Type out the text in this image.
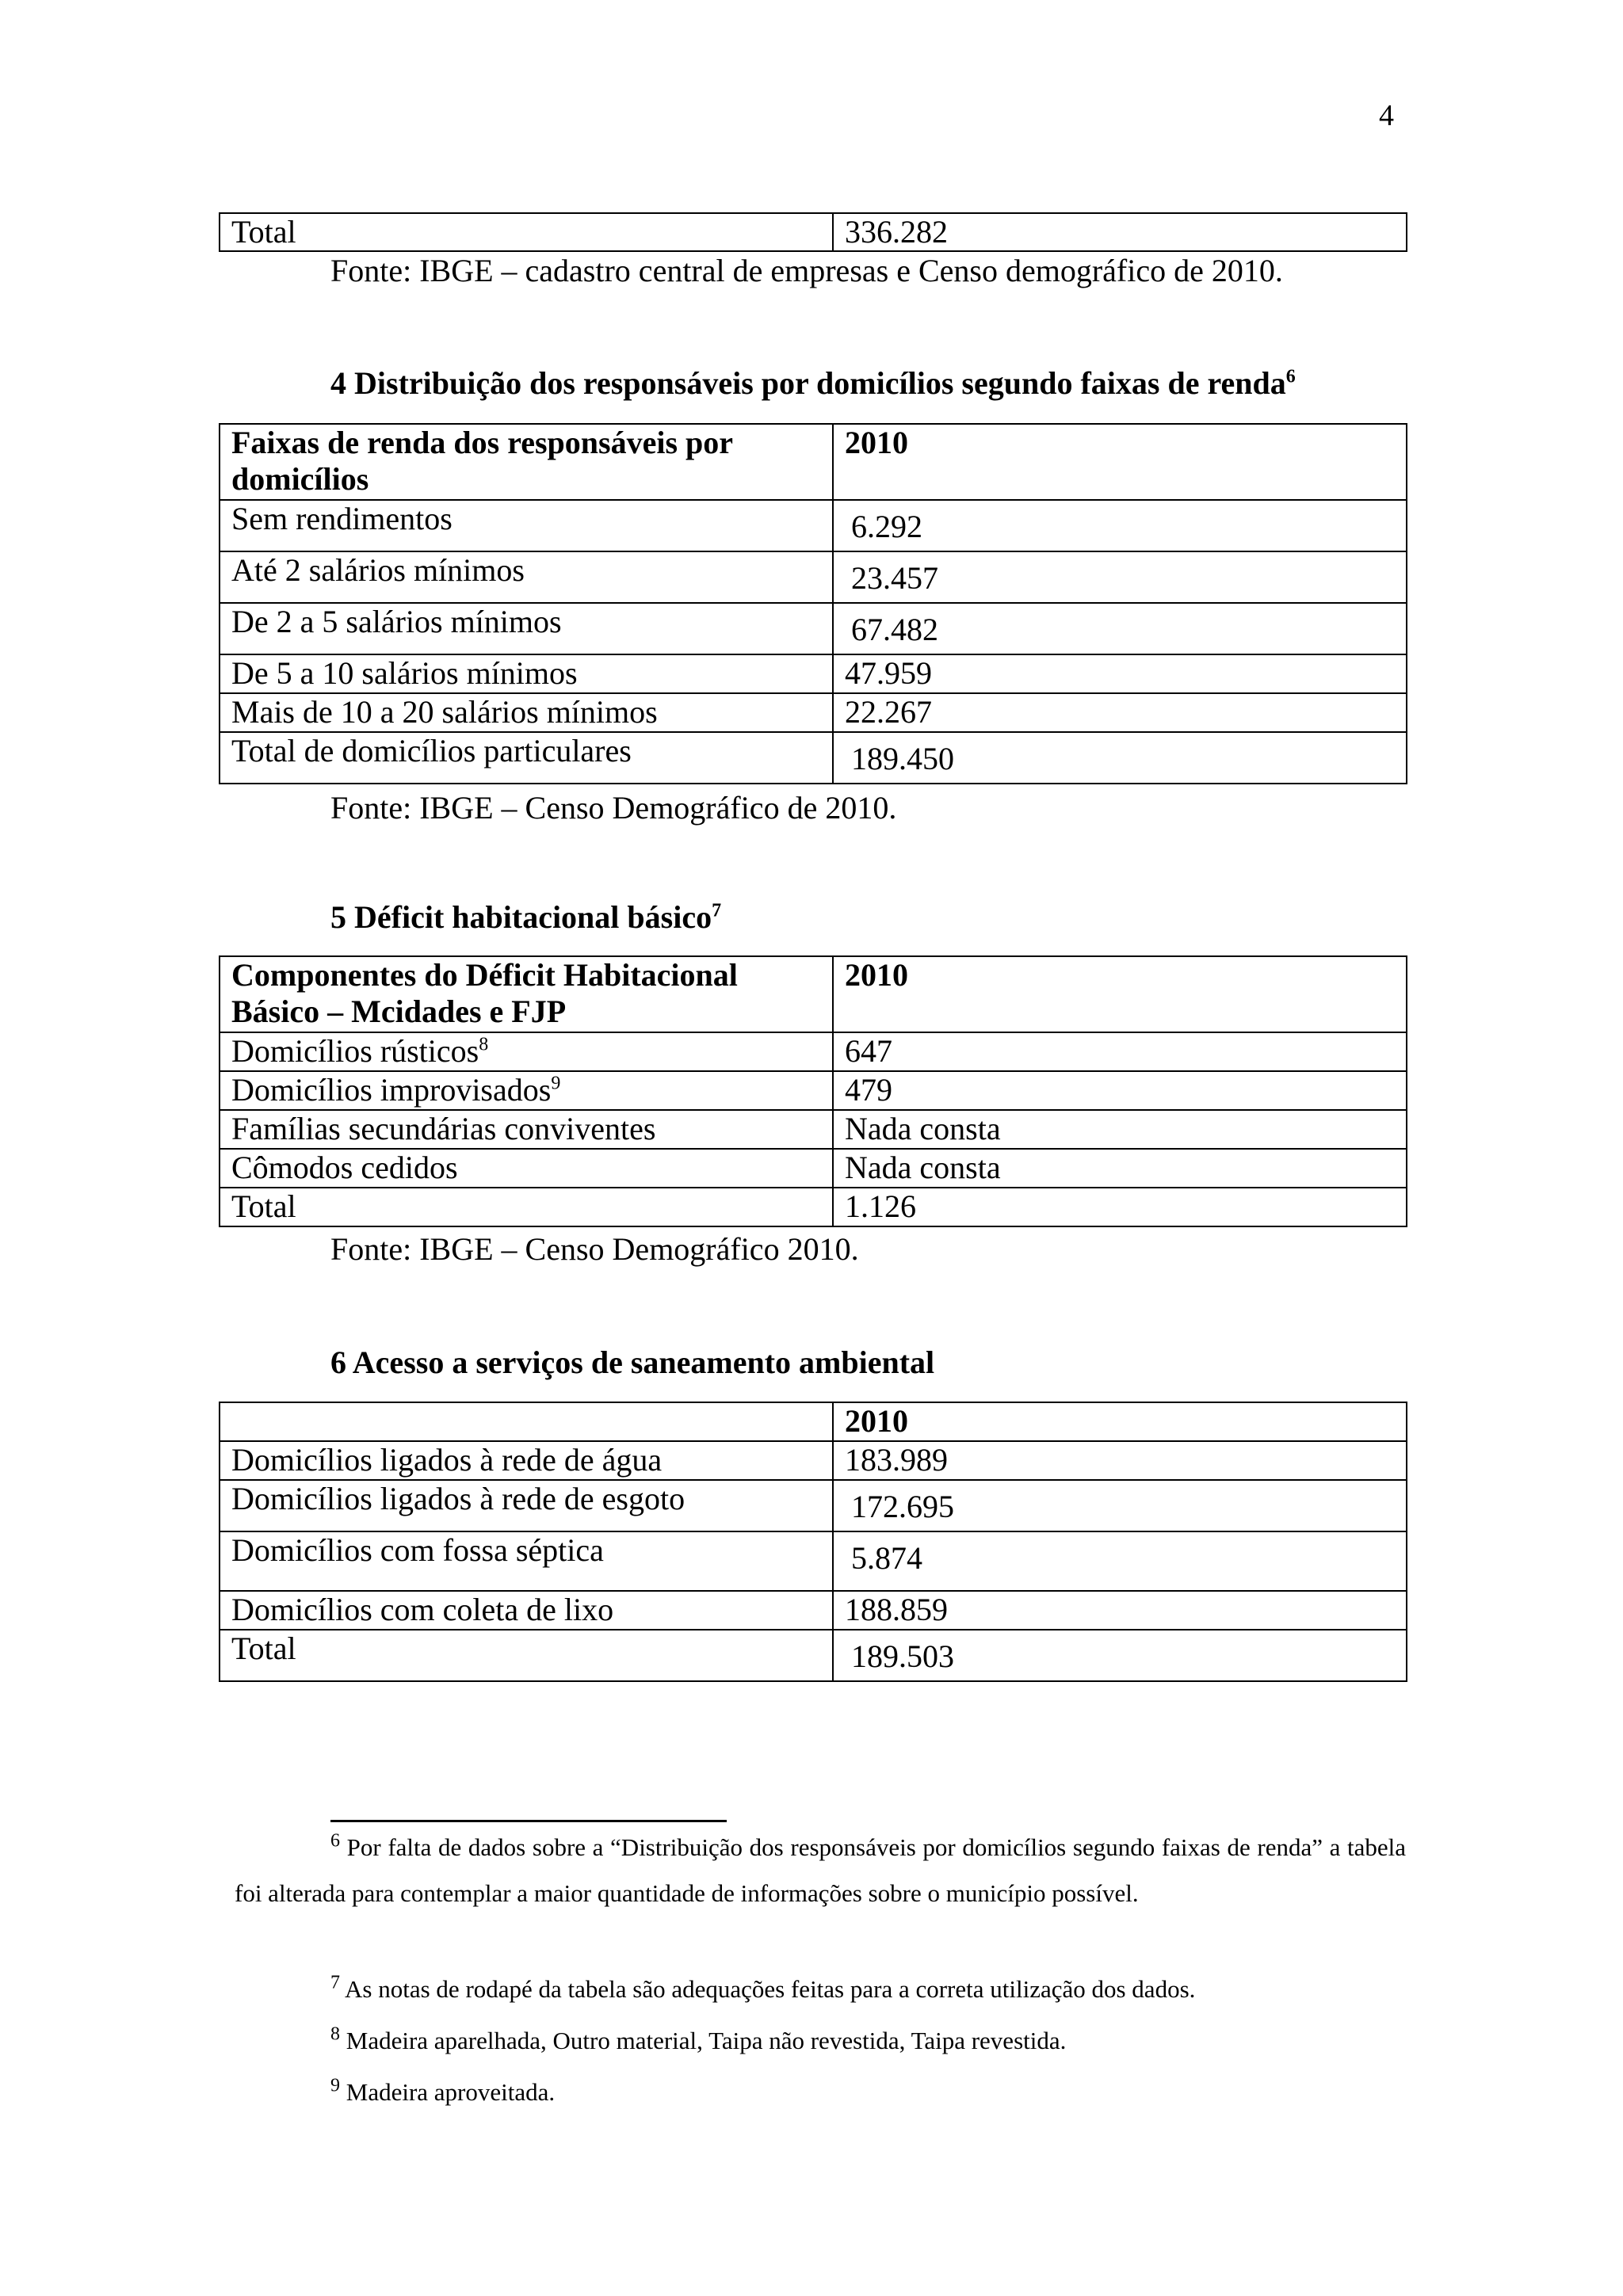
4
Total	336.282
Fonte: IBGE – cadastro central de empresas e Censo demográfico de 2010.
4 Distribuição dos responsáveis por domicílios segundo faixas de renda$^6$
Faixas de renda dos responsáveis por domicílios	2010
Sem rendimentos	6.292
Até 2 salários mínimos	23.457
De 2 a 5 salários mínimos	67.482
De 5 a 10 salários mínimos	47.959
Mais de 10 a 20 salários mínimos	22.267
Total de domicílios particulares	189.450
Fonte: IBGE – Censo Demográfico de 2010.
5 Déficit habitacional básico$^7$
Componentes do Déficit Habitacional Básico – Mcidades e FJP	2010
Domicílios rústicos$^8$	647
Domicílios improvisados$^9$	479
Famílias secundárias conviventes	Nada consta
Cômodos cedidos	Nada consta
Total	1.126
Fonte: IBGE – Censo Demográfico 2010.
6 Acesso a serviços de saneamento ambiental
	2010
Domicílios ligados à rede de água	183.989
Domicílios ligados à rede de esgoto	172.695
Domicílios com fossa séptica	5.874
Domicílios com coleta de lixo	188.859
Total	189.503
$^6$ Por falta de dados sobre a “Distribuição dos responsáveis por domicílios segundo faixas de renda” a tabela foi alterada para contemplar a maior quantidade de informações sobre o município possível.
$^7$ As notas de rodapé da tabela são adequações feitas para a correta utilização dos dados.
$^8$ Madeira aparelhada, Outro material, Taipa não revestida, Taipa revestida.
$^9$ Madeira aproveitada.
